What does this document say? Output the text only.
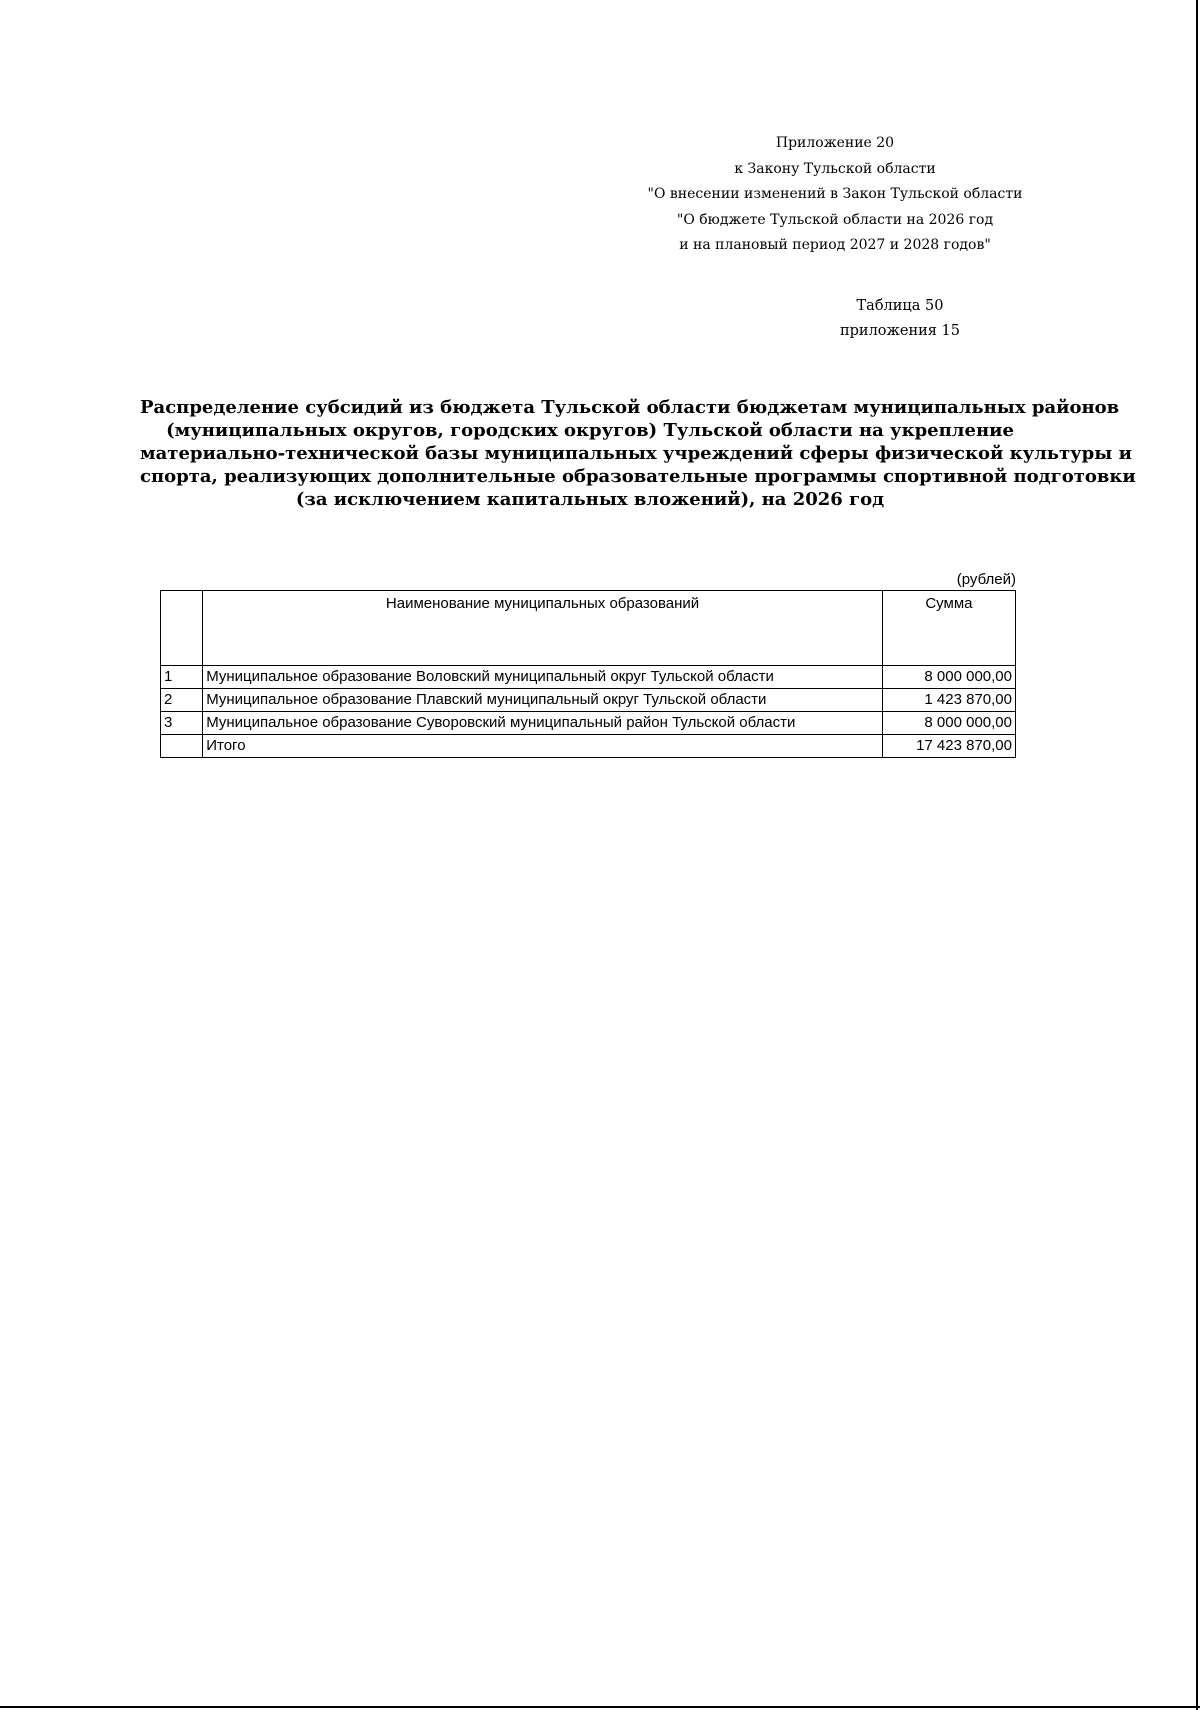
Приложение 20
к Закону Тульской области
"О внесении изменений в Закон Тульской области
"О бюджете Тульской области на 2026 год
и на плановый период 2027 и 2028 годов"
Таблица 50
приложения 15
Распределение субсидий из бюджета Тульской области бюджетам муниципальных районов
(муниципальных округов, городских округов) Тульской области на укрепление
материально-технической базы муниципальных учреждений сферы физической культуры и
спорта, реализующих дополнительные образовательные программы спортивной подготовки
(за исключением капитальных вложений), на 2026 год
(рублей)
	Наименование муниципальных образований	Сумма
1	Муниципальное образование Воловский муниципальный округ Тульской области	8 000 000,00
2	Муниципальное образование Плавский муниципальный округ Тульской области	1 423 870,00
3	Муниципальное образование Суворовский муниципальный район Тульской области	8 000 000,00
	Итого	17 423 870,00
